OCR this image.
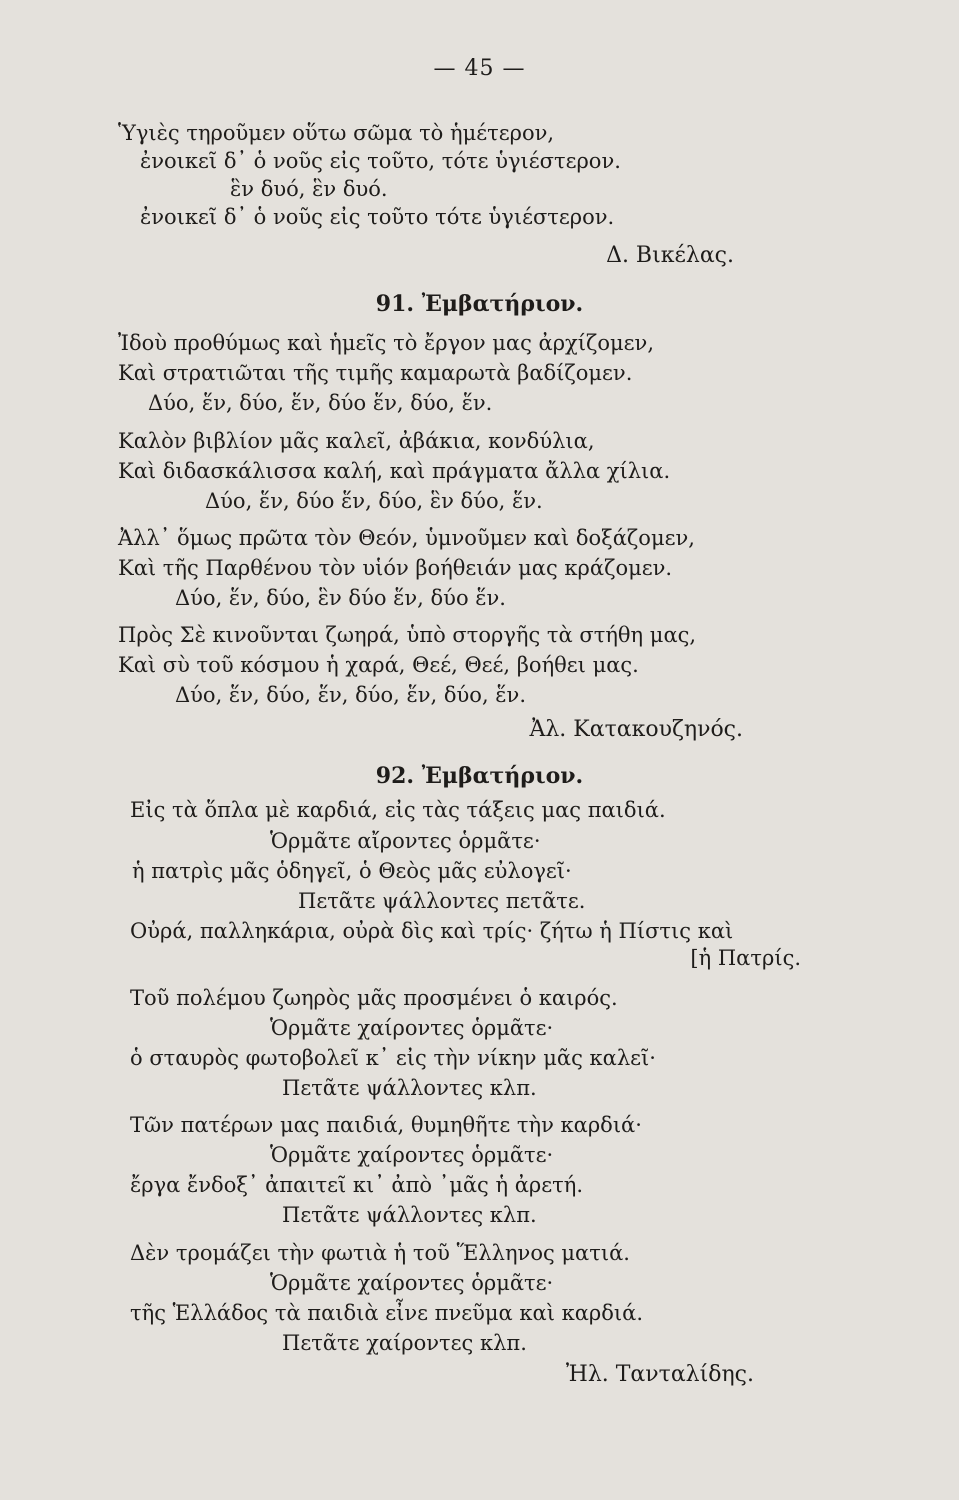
— 45 —
Ὑγιὲς τηροῦμεν οὕτω σῶμα τὸ ἡμέτερον,
ἐνοικεῖ δ᾽ ὁ νοῦς εἰς τοῦτο, τότε ὑγιέστερον.
ἓν δυό, ἓν δυό.
ἐνοικεῖ δ᾽ ὁ νοῦς εἰς τοῦτο τότε ὑγιέστερον.
Δ. Βικέλας.
91. Ἐμβατήριον.
Ἰδοὺ προθύμως καὶ ἡμεῖς τὸ ἔργον μας ἀρχίζομεν,
Καὶ στρατιῶται τῆς τιμῆς καμαρωτὰ βαδίζομεν.
Δύο, ἕν, δύο, ἕν, δύο ἕν, δύο, ἕν.
Καλὸν βιβλίον μᾶς καλεῖ, ἀβάκια, κονδύλια,
Καὶ διδασκάλισσα καλή, καὶ πράγματα ἄλλα χίλια.
Δύο, ἕν, δύο ἕν, δύο, ἓν δύο, ἕν.
Ἀλλ᾽ ὅμως πρῶτα τὸν Θεόν, ὑμνοῦμεν καὶ δοξάζομεν,
Καὶ τῆς Παρθένου τὸν υἱόν βοήθειάν μας κράζομεν.
Δύο, ἕν, δύο, ἓν δύο ἕν, δύο ἕν.
Πρὸς Σὲ κινοῦνται ζωηρά, ὑπὸ στοργῆς τὰ στήθη μας,
Καὶ σὺ τοῦ κόσμου ἡ χαρά, Θεέ, Θεέ, βοήθει μας.
Δύο, ἕν, δύο, ἕν, δύο, ἕν, δύο, ἕν.
Ἀλ. Κατακουζηνός.
92. Ἐμβατήριον.
Εἰς τὰ ὅπλα μὲ καρδιά, εἰς τὰς τάξεις μας παιδιά.
Ὁρμᾶτε αἴροντες ὁρμᾶτε·
ἡ πατρὶς μᾶς ὁδηγεῖ, ὁ Θεὸς μᾶς εὐλογεῖ·
Πετᾶτε ψάλλοντες πετᾶτε.
Οὐρά, παλληκάρια, οὐρὰ δὶς καὶ τρίς· ζήτω ἡ Πίστις καὶ
[ἡ Πατρίς.
Τοῦ πολέμου ζωηρὸς μᾶς προσμένει ὁ καιρός.
Ὁρμᾶτε χαίροντες ὁρμᾶτε·
ὁ σταυρὸς φωτοβολεῖ κ᾽ εἰς τὴν νίκην μᾶς καλεῖ·
Πετᾶτε ψάλλοντες κλπ.
Τῶν πατέρων μας παιδιά, θυμηθῆτε τὴν καρδιά·
Ὁρμᾶτε χαίροντες ὁρμᾶτε·
ἔργα ἔνδοξ᾽ ἀπαιτεῖ κι᾽ ἀπὸ ᾽μᾶς ἡ ἀρετή.
Πετᾶτε ψάλλοντες κλπ.
Δὲν τρομάζει τὴν φωτιὰ ἡ τοῦ Ἕλληνος ματιά.
Ὁρμᾶτε χαίροντες ὁρμᾶτε·
τῆς Ἑλλάδος τὰ παιδιὰ εἶνε πνεῦμα καὶ καρδιά.
Πετᾶτε χαίροντες κλπ.
Ἠλ. Τανταλίδης.
